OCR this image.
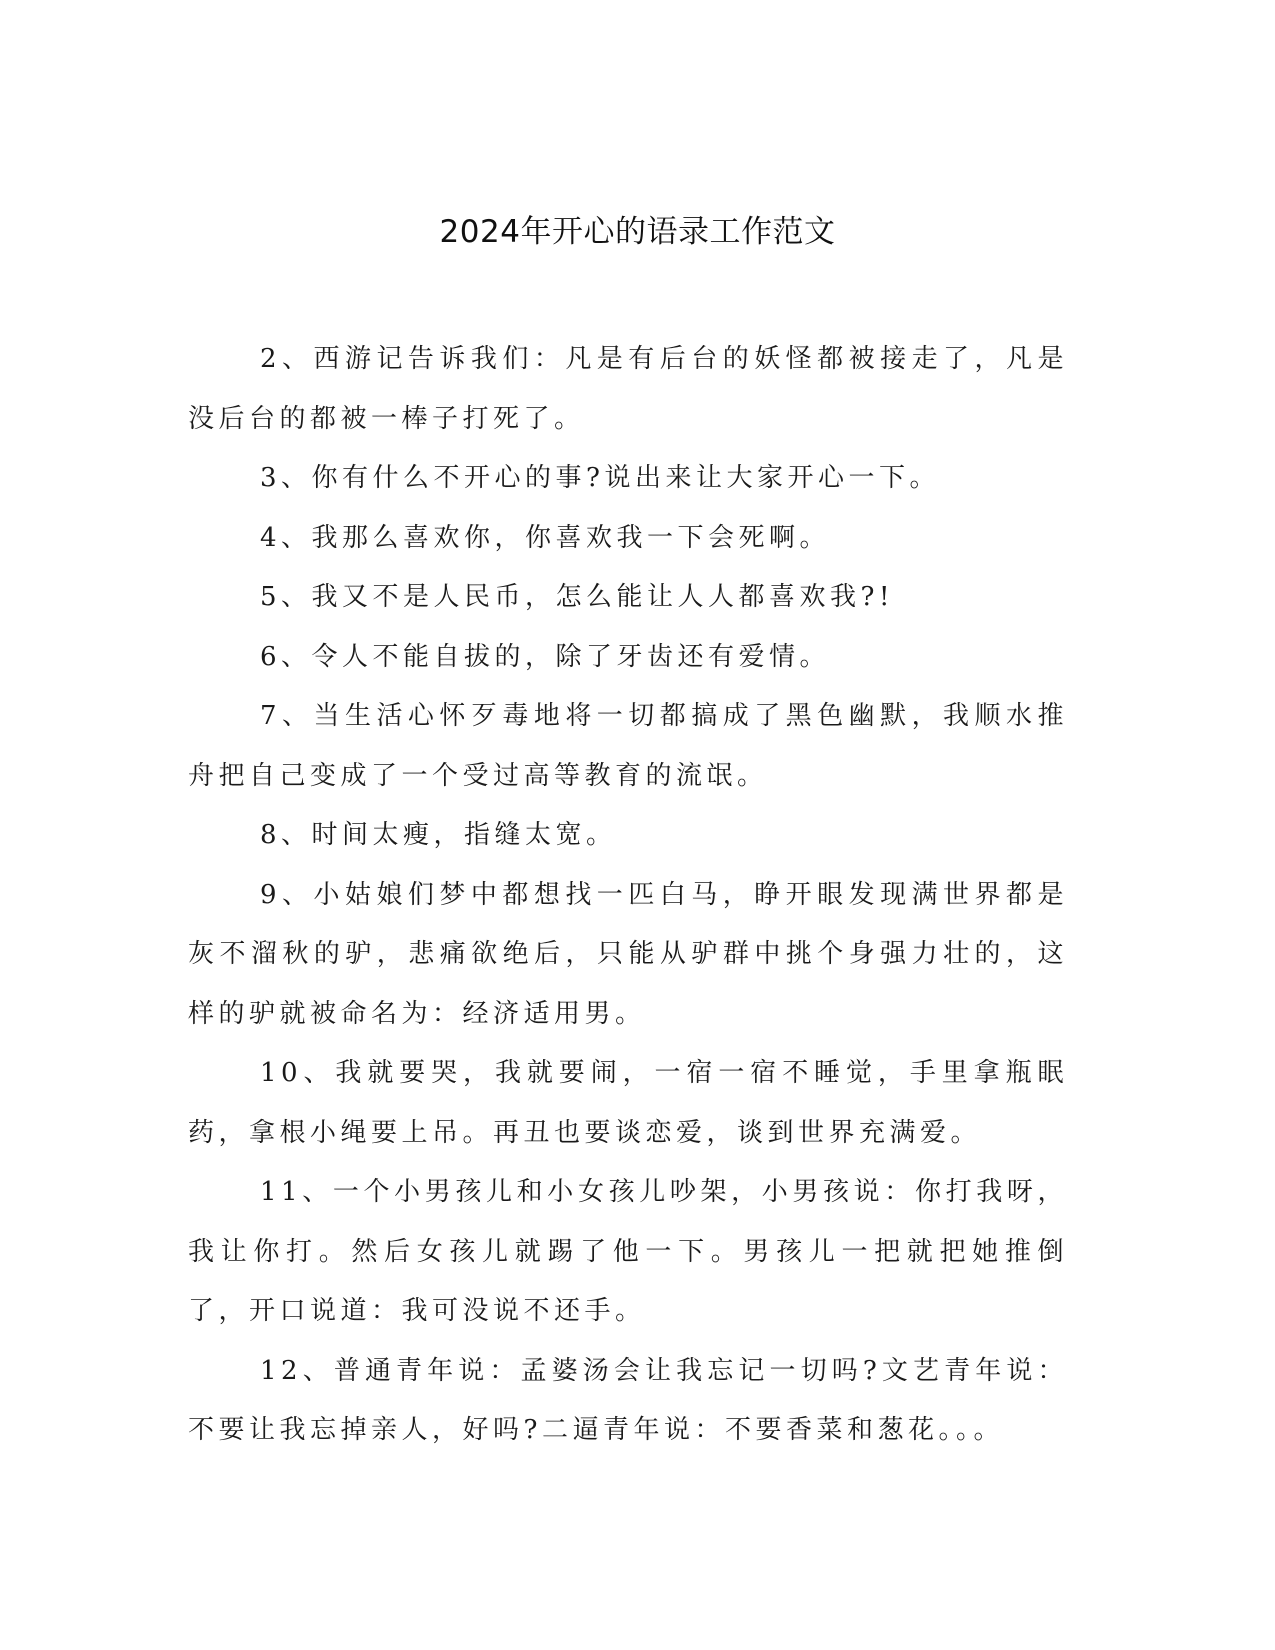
2024年开心的语录工作范文

2、西游记告诉我们：凡是有后台的妖怪都被接走了，凡是没后台的都被一棒子打死了。

3、你有什么不开心的事?说出来让大家开心一下。

4、我那么喜欢你，你喜欢我一下会死啊。

5、我又不是人民币，怎么能让人人都喜欢我?!

6、令人不能自拔的，除了牙齿还有爱情。

7、当生活心怀歹毒地将一切都搞成了黑色幽默，我顺水推舟把自己变成了一个受过高等教育的流氓。

8、时间太瘦，指缝太宽。

9、小姑娘们梦中都想找一匹白马，睁开眼发现满世界都是灰不溜秋的驴，悲痛欲绝后，只能从驴群中挑个身强力壮的，这样的驴就被命名为：经济适用男。

10、我就要哭，我就要闹，一宿一宿不睡觉，手里拿瓶眠药，拿根小绳要上吊。再丑也要谈恋爱，谈到世界充满爱。

11、一个小男孩儿和小女孩儿吵架，小男孩说：你打我呀，我让你打。然后女孩儿就踢了他一下。男孩儿一把就把她推倒了，开口说道：我可没说不还手。

12、普通青年说：孟婆汤会让我忘记一切吗?文艺青年说：不要让我忘掉亲人，好吗?二逼青年说：不要香菜和葱花。。。
